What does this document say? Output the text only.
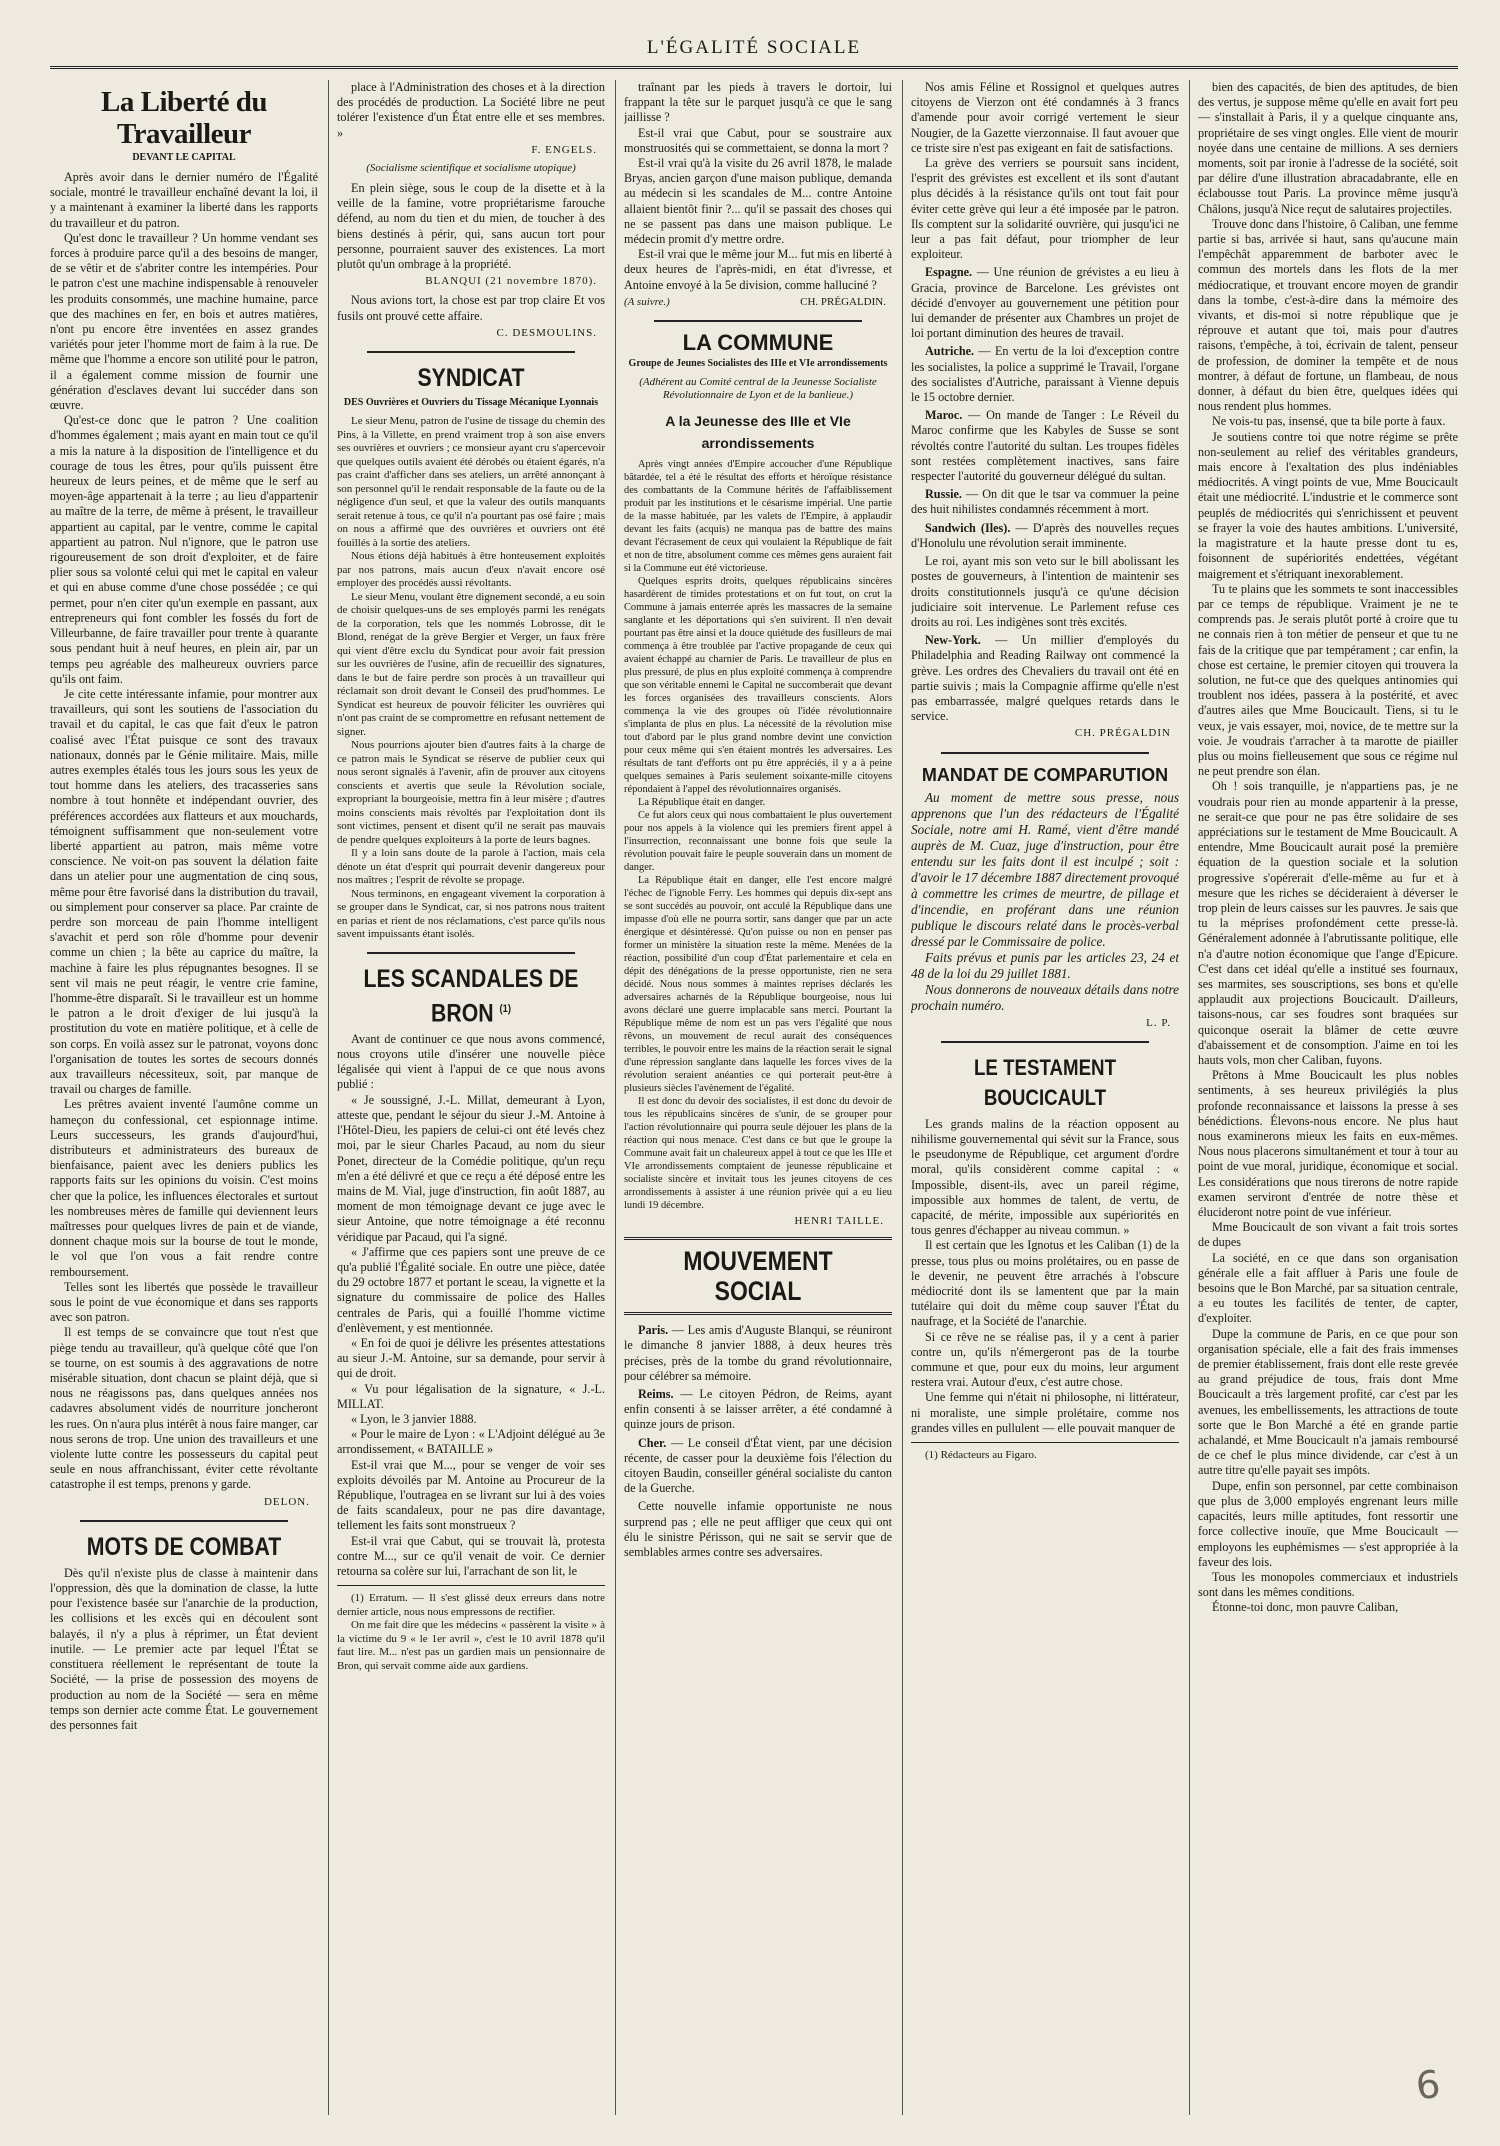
L'ÉGALITÉ SOCIALE
La Liberté du Travailleur
DEVANT LE CAPITAL

Après avoir dans le dernier numéro de l'Égalité sociale, montré le travailleur enchaîné devant la loi, il y a maintenant à examiner la liberté dans les rapports du travailleur et du patron.

Qu'est donc le travailleur ? Un homme vendant ses forces à produire parce qu'il a des besoins de manger, de se vêtir et de s'abriter contre les intempéries. Pour le patron c'est une machine indispensable à renouveler les produits consommés, une machine humaine, parce que des machines en fer, en bois et autres matières, n'ont pu encore être inventées en assez grandes variétés pour jeter l'homme mort de faim à la rue. De même que l'homme a encore son utilité pour le patron, il a également comme mission de fournir une génération d'esclaves devant lui succéder dans son œuvre.

Qu'est-ce donc que le patron ? Une coalition d'hommes également ; mais ayant en main tout ce qu'il a mis la nature à la disposition de l'intelligence et du courage de tous les êtres, pour qu'ils puissent être heureux de leurs peines, et de même que le serf au moyen-âge appartenait à la terre ; au lieu d'appartenir au maître de la terre, de même à présent, le travailleur appartient au capital, par le ventre, comme le capital appartient au patron. Nul n'ignore, que le patron use rigoureusement de son droit d'exploiter, et de faire plier sous sa volonté celui qui met le capital en valeur et qui en abuse comme d'une chose possédée ; ce qui permet, pour n'en citer qu'un exemple en passant, aux entrepreneurs qui font combler les fossés du fort de Villeurbanne, de faire travailler pour trente à quarante sous pendant huit à neuf heures, en plein air, par un temps peu agréable des malheureux ouvriers parce qu'ils ont faim.

Je cite cette intéressante infamie, pour montrer aux travailleurs, qui sont les soutiens de l'association du travail et du capital, le cas que fait d'eux le patron coalisé avec l'État puisque ce sont des travaux nationaux, donnés par le Génie militaire. Mais, mille autres exemples étalés tous les jours sous les yeux de tout homme dans les ateliers, des tracasseries sans nombre à tout honnête et indépendant ouvrier, des préférences accordées aux flatteurs et aux mouchards, témoignent suffisamment que non-seulement votre liberté appartient au patron, mais même votre conscience. Ne voit-on pas souvent la délation faite dans un atelier pour une augmentation de cinq sous, même pour être favorisé dans la distribution du travail, ou simplement pour conserver sa place. Par crainte de perdre son morceau de pain l'homme intelligent s'avachit et perd son rôle d'homme pour devenir comme un chien ; la bête au caprice du maître, la machine à faire les plus répugnantes besognes. Il se sent vil mais ne peut réagir, le ventre crie famine, l'homme-être disparaît. Si le travailleur est un homme le patron a le droit d'exiger de lui jusqu'à la prostitution du vote en matière politique, et à celle de son corps. En voilà assez sur le patronat, voyons donc l'organisation de toutes les sortes de secours donnés aux travailleurs nécessiteux, soit, par manque de travail ou charges de famille.

Les prêtres avaient inventé l'aumône comme un hameçon du confessional, cet espionnage intime. Leurs successeurs, les grands d'aujourd'hui, distributeurs et administrateurs des bureaux de bienfaisance, paient avec les deniers publics les rapports faits sur les opinions du voisin. C'est moins cher que la police, les influences électorales et surtout les nombreuses mères de famille qui deviennent leurs maîtresses pour quelques livres de pain et de viande, donnent chaque mois sur la bourse de tout le monde, le vol que l'on vous a fait rendre contre remboursement.

Telles sont les libertés que possède le travailleur sous le point de vue économique et dans ses rapports avec son patron.

Il est temps de se convaincre que tout n'est que piège tendu au travailleur, qu'à quelque côté que l'on se tourne, on est soumis à des aggravations de notre misérable situation, dont chacun se plaint déjà, que si nous ne réagissons pas, dans quelques années nos cadavres absolument vidés de nourriture joncheront les rues. On n'aura plus intérêt à nous faire manger, car nous serons de trop. Une union des travailleurs et une violente lutte contre les possesseurs du capital peut seule en nous affranchissant, éviter cette révoltante catastrophe il est temps, prenons y garde.

DELON.
MOTS DE COMBAT

Dès qu'il n'existe plus de classe à maintenir dans l'oppression, dès que la domination de classe, la lutte pour l'existence basée sur l'anarchie de la production, les collisions et les excès qui en découlent sont balayés, il n'y a plus à réprimer, un État devient inutile. — Le premier acte par lequel l'État se constituera réellement le représentant de toute la Société, — la prise de possession des moyens de production au nom de la Société — sera en même temps son dernier acte comme État. Le gouvernement des personnes fait

place à l'Administration des choses et à la direction des procédés de production. La Société libre ne peut tolérer l'existence d'un État entre elle et ses membres. »

F. ENGELS.
(Socialisme scientifique et socialisme utopique)

En plein siège, sous le coup de la disette et à la veille de la famine, votre propriétarisme farouche défend, au nom du tien et du mien, de toucher à des biens destinés à périr, qui, sans aucun tort pour personne, pourraient sauver des existences. La mort plutôt qu'un ombrage à la propriété.

BLANQUI (21 novembre 1870).

Nous avions tort, la chose est par trop claire Et vos fusils ont prouvé cette affaire.

C. DESMOULINS.
SYNDICAT
DES Ouvrières et Ouvriers du Tissage Mécanique Lyonnais

Le sieur Menu, patron de l'usine de tissage du chemin des Pins, à la Villette, en prend vraiment trop à son aise envers ses ouvrières et ouvriers ; ce monsieur ayant cru s'apercevoir que quelques outils avaient été dérobés ou étaient égarés, n'a pas craint d'afficher dans ses ateliers, un arrêté annonçant à son personnel qu'il le rendait responsable de la faute ou de la négligence d'un seul, et que la valeur des outils manquants serait retenue à tous, ce qu'il n'a pourtant pas osé faire ; mais on nous a affirmé que des ouvrières et ouvriers ont été fouillés à la sortie des ateliers.

Nous étions déjà habitués à être honteusement exploités par nos patrons, mais aucun d'eux n'avait encore osé employer des procédés aussi révoltants.

Le sieur Menu, voulant être dignement secondé, a eu soin de choisir quelques-uns de ses employés parmi les renégats de la corporation, tels que les nommés Lobrosse, dit le Blond, renégat de la grève Bergier et Verger, un faux frère qui vient d'être exclu du Syndicat pour avoir fait pression sur les ouvrières de l'usine, afin de recueillir des signatures, dans le but de faire perdre son procès à un travailleur qui réclamait son droit devant le Conseil des prud'hommes. Le Syndicat est heureux de pouvoir féliciter les ouvrières qui n'ont pas craint de se compromettre en refusant nettement de signer.

Nous pourrions ajouter bien d'autres faits à la charge de ce patron mais le Syndicat se réserve de publier ceux qui nous seront signalés à l'avenir, afin de prouver aux citoyens conscients et avertis que seule la Révolution sociale, expropriant la bourgeoisie, mettra fin à leur misère ; d'autres moins conscients mais révoltés par l'exploitation dont ils sont victimes, pensent et disent qu'il ne serait pas mauvais de pendre quelques exploiteurs à la porte de leurs bagnes.

Il y a loin sans doute de la parole à l'action, mais cela dénote un état d'esprit qui pourrait devenir dangereux pour nos maîtres ; l'esprit de révolte se propage.

Nous terminons, en engageant vivement la corporation à se grouper dans le Syndicat, car, si nos patrons nous traitent en parias et rient de nos réclamations, c'est parce qu'ils nous savent impuissants étant isolés.

LES SCANDALES DE BRON $^{(1)}$

Avant de continuer ce que nous avons commencé, nous croyons utile d'insérer une nouvelle pièce légalisée qui vient à l'appui de ce que nous avons publié :

« Je soussigné, J.-L. Millat, demeurant à Lyon, atteste que, pendant le séjour du sieur J.-M. Antoine à l'Hôtel-Dieu, les papiers de celui-ci ont été levés chez moi, par le sieur Charles Pacaud, au nom du sieur Ponet, directeur de la Comédie politique, qu'un reçu m'en a été délivré et que ce reçu a été déposé entre les mains de M. Vial, juge d'instruction, fin août 1887, au moment de mon témoignage devant ce juge avec le sieur Antoine, que notre témoignage a été reconnu véridique par Pacaud, qui l'a signé.

« J'affirme que ces papiers sont une preuve de ce qu'a publié l'Égalité sociale. En outre une pièce, datée du 29 octobre 1877 et portant le sceau, la vignette et la signature du commissaire de police des Halles centrales de Paris, qui a fouillé l'homme victime d'enlèvement, y est mentionnée.

« En foi de quoi je délivre les présentes attestations au sieur J.-M. Antoine, sur sa demande, pour servir à qui de droit.

« Vu pour légalisation de la signature, « J.-L. MILLAT.

« Lyon, le 3 janvier 1888.

« Pour le maire de Lyon : « L'Adjoint délégué au 3e arrondissement, « BATAILLE »

Est-il vrai que M..., pour se venger de voir ses exploits dévoilés par M. Antoine au Procureur de la République, l'outragea en se livrant sur lui à des voies de faits scandaleux, pour ne pas dire davantage, tellement les faits sont monstrueux ?

Est-il vrai que Cabut, qui se trouvait là, protesta contre M..., sur ce qu'il venait de voir. Ce dernier retourna sa colère sur lui, l'arrachant de son lit, le

(1) Erratum. — Il s'est glissé deux erreurs dans notre dernier article, nous nous empressons de rectifier.

On me fait dire que les médecins « passèrent la visite » à la victime du 9 « le 1er avril », c'est le 10 avril 1878 qu'il faut lire. M... n'est pas un gardien mais un pensionnaire de Bron, qui servait comme aide aux gardiens.

traînant par les pieds à travers le dortoir, lui frappant la tête sur le parquet jusqu'à ce que le sang jaillisse ?

Est-il vrai que Cabut, pour se soustraire aux monstruosités qui se commettaient, se donna la mort ?

Est-il vrai qu'à la visite du 26 avril 1878, le malade Bryas, ancien garçon d'une maison publique, demanda au médecin si les scandales de M... contre Antoine allaient bientôt finir ?... qu'il se passait des choses qui ne se passent pas dans une maison publique. Le médecin promit d'y mettre ordre.

Est-il vrai que le même jour M... fut mis en liberté à deux heures de l'après-midi, en état d'ivresse, et Antoine envoyé à la 5e division, comme halluciné ?

(A suivre.)	CH. PRÉGALDIN.
LA COMMUNE
Groupe de Jeunes Socialistes des IIIe et VIe arrondissements
(Adhérent au Comité central de la Jeunesse Socialiste Révolutionnaire de Lyon et de la banlieue.)
A la Jeunesse des IIIe et VIe arrondissements

Après vingt années d'Empire accoucher d'une République bâtardée, tel a été le résultat des efforts et héroïque résistance des combattants de la Commune hérités de l'affaiblissement produit par les institutions et le césarisme impérial. Une partie de la masse habituée, par les valets de l'Empire, à applaudir devant les faits (acquis) ne manqua pas de battre des mains devant l'écrasement de ceux qui voulaient la République de fait et non de titre, absolument comme ces mêmes gens auraient fait si la Commune eut été victorieuse.

Quelques esprits droits, quelques républicains sincères hasardèrent de timides protestations et on fut tout, on crut la Commune à jamais enterrée après les massacres de la semaine sanglante et les déportations qui s'en suivirent. Il n'en devait pourtant pas être ainsi et la douce quiétude des fusilleurs de mai commença à être troublée par l'active propagande de ceux qui avaient échappé au charnier de Paris. Le travailleur de plus en plus pressuré, de plus en plus exploité commença à comprendre que son véritable ennemi le Capital ne succomberait que devant les forces organisées des travailleurs conscients. Alors commença la vie des groupes où l'idée révolutionnaire s'implanta de plus en plus. La nécessité de la révolution mise tout d'abord par le plus grand nombre devint une conviction pour ceux même qui s'en étaient montrés les adversaires. Les résultats de tant d'efforts ont pu être appréciés, il y a à peine quelques semaines à Paris seulement soixante-mille citoyens répondaient à l'appel des révolutionnaires organisés.

La République était en danger.

Ce fut alors ceux qui nous combattaient le plus ouvertement pour nos appels à la violence qui les premiers firent appel à l'insurrection, reconnaissant une bonne fois que seule la révolution pouvait faire le peuple souverain dans un moment de danger.

La République était en danger, elle l'est encore malgré l'échec de l'ignoble Ferry. Les hommes qui depuis dix-sept ans se sont succédés au pouvoir, ont acculé la République dans une impasse d'où elle ne pourra sortir, sans danger que par un acte énergique et désintéressé. Qu'on puisse ou non en penser pas former un ministère la situation reste la même. Menées de la réaction, possibilité d'un coup d'État parlementaire et cela en dépit des dénégations de la presse opportuniste, rien ne sera décidé. Nous nous sommes à maintes reprises déclarés les adversaires acharnés de la République bourgeoise, nous lui avons déclaré une guerre implacable sans merci. Pourtant la République même de nom est un pas vers l'égalité que nous rêvons, un mouvement de recul aurait des conséquences terribles, le pouvoir entre les mains de la réaction serait le signal d'une répression sanglante dans laquelle les forces vives de la révolution seraient anéanties ce qui porterait peut-être à plusieurs siècles l'avènement de l'égalité.

Il est donc du devoir des socialistes, il est donc du devoir de tous les républicains sincères de s'unir, de se grouper pour l'action révolutionnaire qui pourra seule déjouer les plans de la réaction qui nous menace. C'est dans ce but que le groupe la Commune avait fait un chaleureux appel à tout ce que les IIIe et VIe arrondissements comptaient de jeunesse républicaine et socialiste sincère et invitait tous les jeunes citoyens de ces arrondissements à assister à une réunion privée qui a eu lieu lundi 19 décembre.

HENRI TAILLE.
MOUVEMENT SOCIAL

Paris. — Les amis d'Auguste Blanqui, se réuniront le dimanche 8 janvier 1888, à deux heures très précises, près de la tombe du grand révolutionnaire, pour célébrer sa mémoire.

Reims. — Le citoyen Pédron, de Reims, ayant enfin consenti à se laisser arrêter, a été condamné à quinze jours de prison.

Cher. — Le conseil d'État vient, par une décision récente, de casser pour la deuxième fois l'élection du citoyen Baudin, conseiller général socialiste du canton de la Guerche.

Cette nouvelle infamie opportuniste ne nous surprend pas ; elle ne peut affliger que ceux qui ont élu le sinistre Périsson, qui ne sait se servir que de semblables armes contre ses adversaires.

Nos amis Féline et Rossignol et quelques autres citoyens de Vierzon ont été condamnés à 3 francs d'amende pour avoir corrigé vertement le sieur Nougier, de la Gazette vierzonnaise. Il faut avouer que ce triste sire n'est pas exigeant en fait de satisfactions.

La grève des verriers se poursuit sans incident, l'esprit des grévistes est excellent et ils sont d'autant plus décidés à la résistance qu'ils ont tout fait pour éviter cette grève qui leur a été imposée par le patron. Ils comptent sur la solidarité ouvrière, qui jusqu'ici ne leur a pas fait défaut, pour triompher de leur exploiteur.

Espagne. — Une réunion de grévistes a eu lieu à Gracia, province de Barcelone. Les grévistes ont décidé d'envoyer au gouvernement une pétition pour lui demander de présenter aux Chambres un projet de loi portant diminution des heures de travail.

Autriche. — En vertu de la loi d'exception contre les socialistes, la police a supprimé le Travail, l'organe des socialistes d'Autriche, paraissant à Vienne depuis le 15 octobre dernier.

Maroc. — On mande de Tanger : Le Réveil du Maroc confirme que les Kabyles de Susse se sont révoltés contre l'autorité du sultan. Les troupes fidèles sont restées complètement inactives, sans faire respecter l'autorité du gouverneur délégué du sultan.

Russie. — On dit que le tsar va commuer la peine des huit nihilistes condamnés récemment à mort.

Sandwich (Iles). — D'après des nouvelles reçues d'Honolulu une révolution serait imminente.

Le roi, ayant mis son veto sur le bill abolissant les postes de gouverneurs, à l'intention de maintenir ses droits constitutionnels jusqu'à ce qu'une décision judiciaire soit intervenue. Le Parlement refuse ces droits au roi. Les indigènes sont très excités.

New-York. — Un millier d'employés du Philadelphia and Reading Railway ont commencé la grève. Les ordres des Chevaliers du travail ont été en partie suivis ; mais la Compagnie affirme qu'elle n'est pas embarrassée, malgré quelques retards dans le service.

CH. PRÉGALDIN
MANDAT DE COMPARUTION

Au moment de mettre sous presse, nous apprenons que l'un des rédacteurs de l'Égalité Sociale, notre ami H. Ramé, vient d'être mandé auprès de M. Cuaz, juge d'instruction, pour être entendu sur les faits dont il est inculpé ; soit : d'avoir le 17 décembre 1887 directement provoqué à commettre les crimes de meurtre, de pillage et d'incendie, en proférant dans une réunion publique le discours relaté dans le procès-verbal dressé par le Commissaire de police.

Faits prévus et punis par les articles 23, 24 et 48 de la loi du 29 juillet 1881.

Nous donnerons de nouveaux détails dans notre prochain numéro.

L. P.
LE TESTAMENT BOUCICAULT

Les grands malins de la réaction opposent au nihilisme gouvernemental qui sévit sur la France, sous le pseudonyme de République, cet argument d'ordre moral, qu'ils considèrent comme capital : « Impossible, disent-ils, avec un pareil régime, impossible aux hommes de talent, de vertu, de capacité, de mérite, impossible aux supériorités en tous genres d'échapper au niveau commun. »

Il est certain que les Ignotus et les Caliban (1) de la presse, tous plus ou moins prolétaires, ou en passe de le devenir, ne peuvent être arrachés à l'obscure médiocrité dont ils se lamentent que par la main tutélaire qui doit du même coup sauver l'État du naufrage, et la Société de l'anarchie.

Si ce rêve ne se réalise pas, il y a cent à parier contre un, qu'ils n'émergeront pas de la tourbe commune et que, pour eux du moins, leur argument restera vrai. Autour d'eux, c'est autre chose.

Une femme qui n'était ni philosophe, ni littérateur, ni moraliste, une simple prolétaire, comme nos grandes villes en pullulent — elle pouvait manquer de

(1) Rédacteurs au Figaro.

bien des capacités, de bien des aptitudes, de bien des vertus, je suppose même qu'elle en avait fort peu — s'installait à Paris, il y a quelque cinquante ans, propriétaire de ses vingt ongles. Elle vient de mourir noyée dans une centaine de millions. A ses derniers moments, soit par ironie à l'adresse de la société, soit par délire d'une illustration abracadabrante, elle en éclabousse tout Paris. La province même jusqu'à Châlons, jusqu'à Nice reçut de salutaires projectiles.

Trouve donc dans l'histoire, ô Caliban, une femme partie si bas, arrivée si haut, sans qu'aucune main l'empêchât apparemment de barboter avec le commun des mortels dans les flots de la mer médiocratique, et trouvant encore moyen de grandir dans la tombe, c'est-à-dire dans la mémoire des vivants, et dis-moi si notre république que je réprouve et autant que toi, mais pour d'autres raisons, t'empêche, à toi, écrivain de talent, penseur de profession, de dominer la tempête et de nous montrer, à défaut de fortune, un flambeau, de nous donner, à défaut du bien être, quelques idées qui nous rendent plus hommes.

Ne vois-tu pas, insensé, que ta bile porte à faux.

Je soutiens contre toi que notre régime se prête non-seulement au relief des véritables grandeurs, mais encore à l'exaltation des plus indéniables médiocrités. A vingt points de vue, Mme Boucicault était une médiocrité. L'industrie et le commerce sont peuplés de médiocrités qui s'enrichissent et peuvent se frayer la voie des hautes ambitions. L'université, la magistrature et la haute presse dont tu es, foisonnent de supériorités endettées, végétant maigrement et s'étriquant inexorablement.

Tu te plains que les sommets te sont inaccessibles par ce temps de république. Vraiment je ne te comprends pas. Je serais plutôt porté à croire que tu ne connais rien à ton métier de penseur et que tu ne fais de la critique que par tempérament ; car enfin, la chose est certaine, le premier citoyen qui trouvera la solution, ne fut-ce que des quelques antinomies qui troublent nos idées, passera à la postérité, et avec d'autres ailes que Mme Boucicault. Tiens, si tu le veux, je vais essayer, moi, novice, de te mettre sur la voie. Je voudrais t'arracher à ta marotte de piailler plus ou moins fielleusement que sous ce régime nul ne peut prendre son élan.

Oh ! sois tranquille, je n'appartiens pas, je ne voudrais pour rien au monde appartenir à la presse, ne serait-ce que pour ne pas être solidaire de ses appréciations sur le testament de Mme Boucicault. A entendre, Mme Boucicault aurait posé la première équation de la question sociale et la solution progressive s'opérerait d'elle-même au fur et à mesure que les riches se décideraient à déverser le trop plein de leurs caisses sur les pauvres. Je sais que tu la méprises profondément cette presse-là. Généralement adonnée à l'abrutissante politique, elle n'a d'autre notion économique que l'ange d'Epicure. C'est dans cet idéal qu'elle a institué ses fournaux, ses marmites, ses souscriptions, ses bons et qu'elle applaudit aux projections Boucicault. D'ailleurs, taisons-nous, car ses foudres sont braquées sur quiconque oserait la blâmer de cette œuvre d'abaissement et de consomption. J'aime en toi les hauts vols, mon cher Caliban, fuyons.

Prêtons à Mme Boucicault les plus nobles sentiments, à ses heureux privilégiés la plus profonde reconnaissance et laissons la presse à ses bénédictions. Élevons-nous encore. Ne plus haut nous examinerons mieux les faits en eux-mêmes. Nous nous placerons simultanément et tour à tour au point de vue moral, juridique, économique et social. Les considérations que nous tirerons de notre rapide examen serviront d'entrée de notre thèse et élucideront notre point de vue inférieur.

Mme Boucicault de son vivant a fait trois sortes de dupes

La société, en ce que dans son organisation générale elle a fait affluer à Paris une foule de besoins que le Bon Marché, par sa situation centrale, a eu toutes les facilités de tenter, de capter, d'exploiter.

Dupe la commune de Paris, en ce que pour son organisation spéciale, elle a fait des frais immenses de premier établissement, frais dont elle reste grevée au grand préjudice de tous, frais dont Mme Boucicault a très largement profité, car c'est par les avenues, les embellissements, les attractions de toute sorte que le Bon Marché a été en grande partie achalandé, et Mme Boucicault n'a jamais remboursé de ce chef le plus mince dividende, car c'est à un autre titre qu'elle payait ses impôts.

Dupe, enfin son personnel, par cette combinaison que plus de 3,000 employés engrenant leurs mille capacités, leurs mille aptitudes, font ressortir une force collective inouïe, que Mme Boucicault — employons les euphémismes — s'est appropriée à la faveur des lois.

Tous les monopoles commerciaux et industriels sont dans les mêmes conditions.

Étonne-toi donc, mon pauvre Caliban,

6
